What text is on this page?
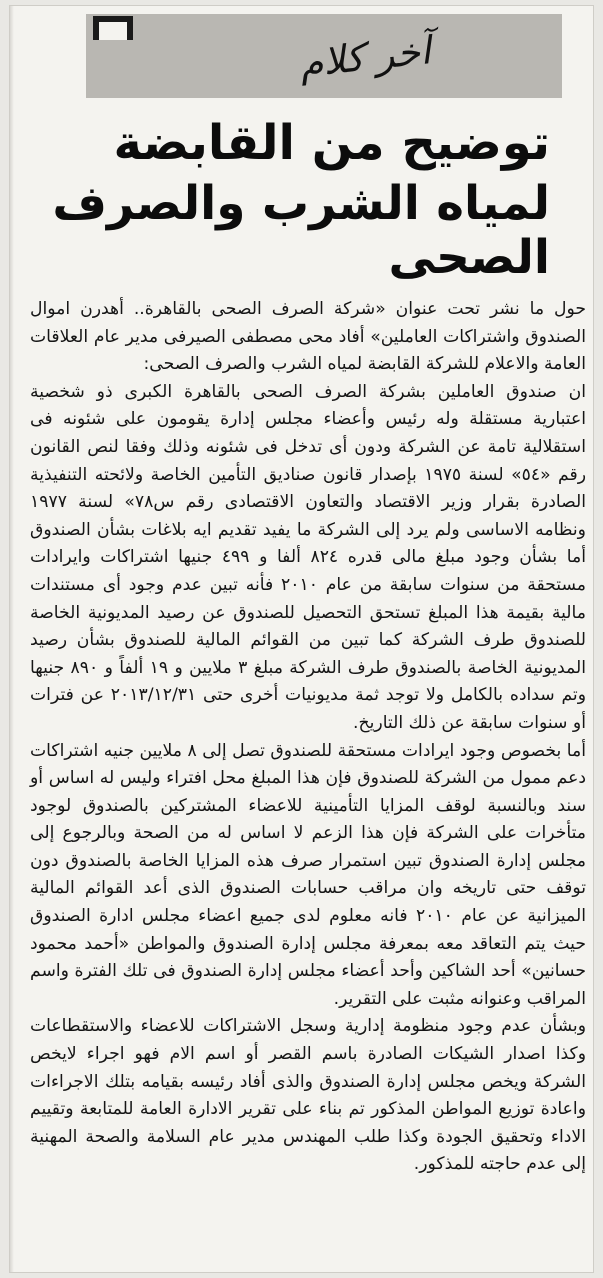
آخر كلام
توضيح من القابضة
لمياه الشرب والصرف الصحى

حول ما نشر تحت عنوان «شركة الصرف الصحى بالقاهرة.. أهدرن اموال الصندوق واشتراكات العاملين» أفاد محى مصطفى الصيرفى مدير عام العلاقات العامة والاعلام للشركة القابضة لمياه الشرب والصرف الصحى:

ان صندوق العاملين بشركة الصرف الصحى بالقاهرة الكبرى ذو شخصية اعتبارية مستقلة وله رئيس وأعضاء مجلس إدارة يقومون على شئونه فى استقلالية تامة عن الشركة ودون أى تدخل فى شئونه وذلك وفقا لنص القانون رقم «٥٤» لسنة ١٩٧٥ بإصدار قانون صناديق التأمين الخاصة ولائحته التنفيذية الصادرة بقرار وزير الاقتصاد والتعاون الاقتصادى رقم س٧٨» لسنة ١٩٧٧ ونظامه الاساسى ولم يرد إلى الشركة ما يفيد تقديم ايه بلاغات بشأن الصندوق أما بشأن وجود مبلغ مالى قدره ٨٢٤ ألفا و ٤٩٩ جنيها اشتراكات وايرادات مستحقة من سنوات سابقة من عام ٢٠١٠ فأنه تبين عدم وجود أى مستندات مالية بقيمة هذا المبلغ تستحق التحصيل للصندوق عن رصيد المديونية الخاصة للصندوق طرف الشركة كما تبين من القوائم المالية للصندوق بشأن رصيد المديونية الخاصة بالصندوق طرف الشركة مبلغ ٣ ملايين و ١٩ ألفاً و ٨٩٠ جنيها وتم سداده بالكامل ولا توجد ثمة مديونيات أخرى حتى ٢٠١٣/١٢/٣١ عن فترات أو سنوات سابقة عن ذلك التاريخ.

أما بخصوص وجود ايرادات مستحقة للصندوق تصل إلى ٨ ملايين جنيه اشتراكات دعم ممول من الشركة للصندوق فإن هذا المبلغ محل افتراء وليس له اساس أو سند وبالنسبة لوقف المزايا التأمينية للاعضاء المشتركين بالصندوق لوجود متأخرات على الشركة فإن هذا الزعم لا اساس له من الصحة وبالرجوع إلى مجلس إدارة الصندوق تبين استمرار صرف هذه المزايا الخاصة بالصندوق دون توقف حتى تاريخه وان مراقب حسابات الصندوق الذى أعد القوائم المالية الميزانية عن عام ٢٠١٠ فانه معلوم لدى جميع اعضاء مجلس ادارة الصندوق حيث يتم التعاقد معه بمعرفة مجلس إدارة الصندوق والمواطن «أحمد محمود حسانين» أحد الشاكين وأحد أعضاء مجلس إدارة الصندوق فى تلك الفترة واسم المراقب وعنوانه مثبت على التقرير.

وبشأن عدم وجود منظومة إدارية وسجل الاشتراكات للاعضاء والاستقطاعات وكذا اصدار الشيكات الصادرة باسم القصر أو اسم الام فهو اجراء لايخص الشركة ويخص مجلس إدارة الصندوق والذى أفاد رئيسه بقيامه بتلك الاجراءات واعادة توزيع المواطن المذكور تم بناء على تقرير الادارة العامة للمتابعة وتقييم الاداء وتحقيق الجودة وكذا طلب المهندس مدير عام السلامة والصحة المهنية إلى عدم حاجته للمذكور.
